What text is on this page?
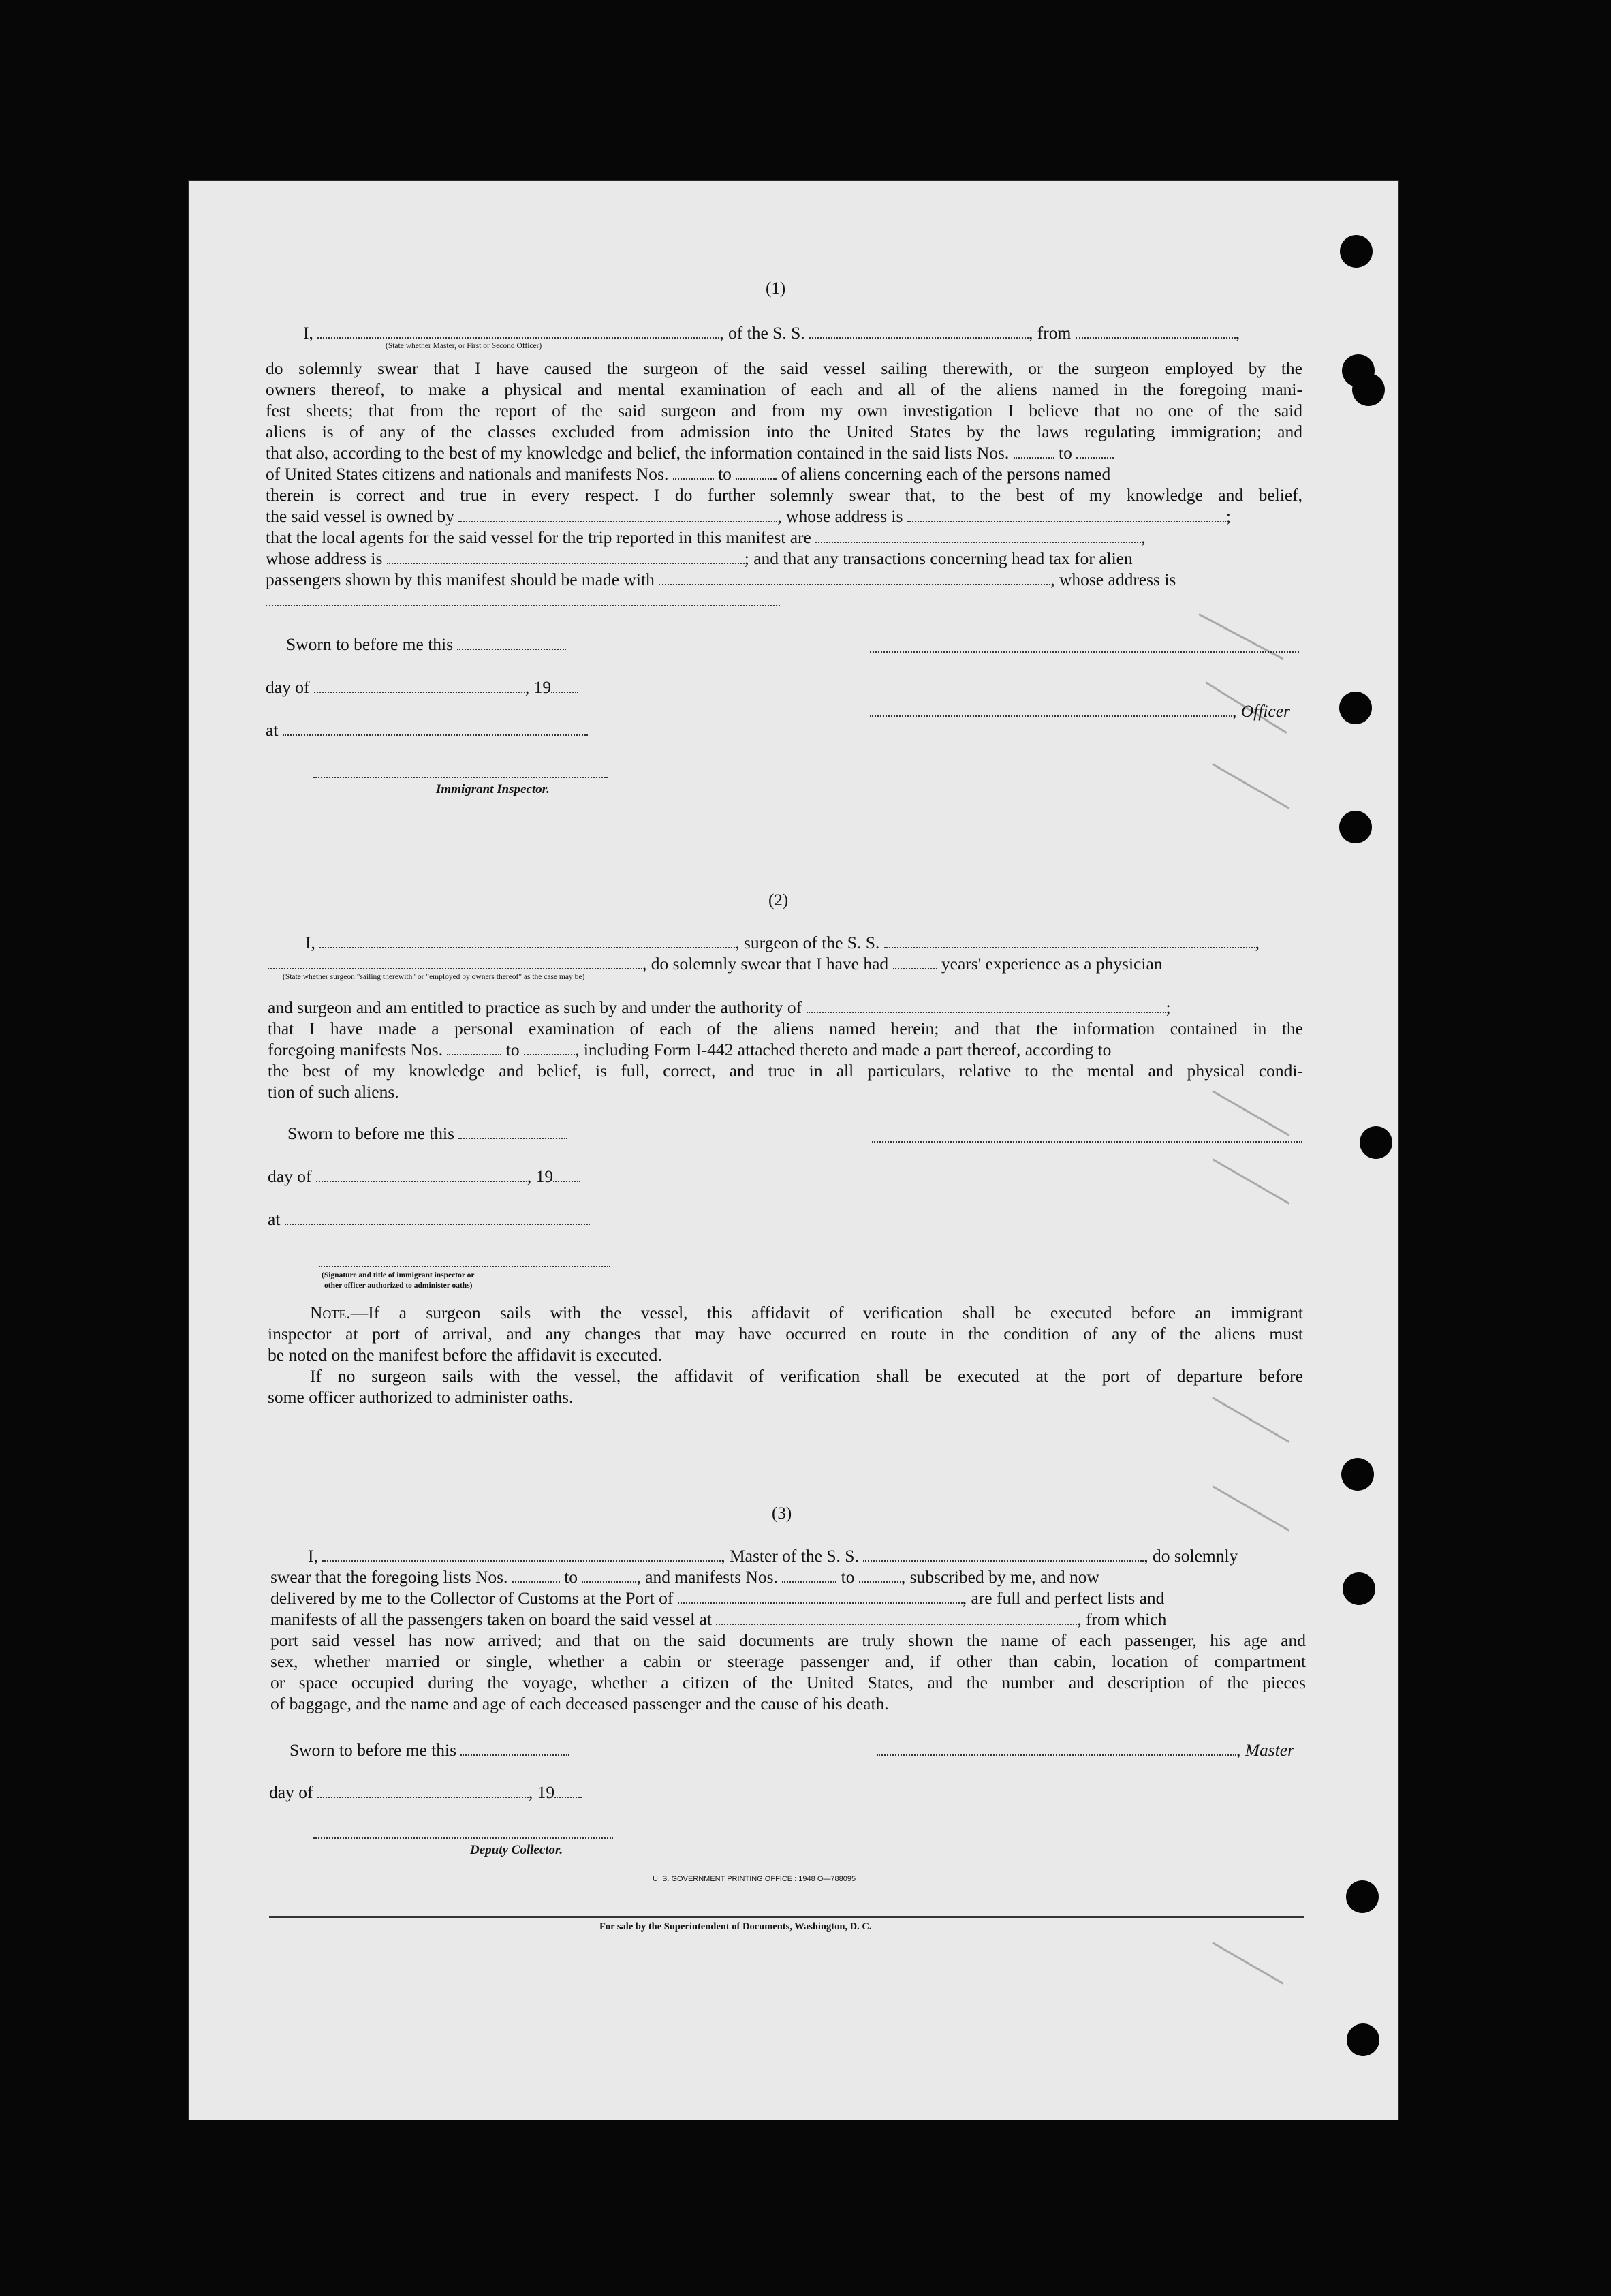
(1)
I,	, of the S. S.	, from	,
(State whether Master, or First or Second Officer)
do solemnly swear that I have caused the surgeon of the said vessel sailing therewith, or the surgeon employed by the
owners thereof, to make a physical and mental examination of each and all of the aliens named in the foregoing mani-
fest sheets; that from the report of the said surgeon and from my own investigation I believe that no one of the said
aliens is of any of the classes excluded from admission into the United States by the laws regulating immigration; and
that also, according to the best of my knowledge and belief, the information contained in the said lists Nos.	to
of United States citizens and nationals and manifests Nos.	to	of aliens concerning each of the persons named
therein is correct and true in every respect. I do further solemnly swear that, to the best of my knowledge and belief,
the said vessel is owned by	, whose address is	;
that the local agents for the said vessel for the trip reported in this manifest are	,
whose address is	; and that any transactions concerning head tax for alien
passengers shown by this manifest should be made with	, whose address is
Sworn to before me this
day of	, 19
, Officer
at
Immigrant Inspector.
(2)
I,	, surgeon of the S. S.	,
, do solemnly swear that I have had	years' experience as a physician
(State whether surgeon "sailing therewith" or "employed by owners thereof" as the case may be)
and surgeon and am entitled to practice as such by and under the authority of	;
that I have made a personal examination of each of the aliens named herein; and that the information contained in the
foregoing manifests Nos.	to	, including Form I-442 attached thereto and made a part thereof, according to
the best of my knowledge and belief, is full, correct, and true in all particulars, relative to the mental and physical condi-
tion of such aliens.
Sworn to before me this
day of	, 19
at
(Signature and title of immigrant inspector or
other officer authorized to administer oaths)
Note.—If a surgeon sails with the vessel, this affidavit of verification shall be executed before an immigrant
inspector at port of arrival, and any changes that may have occurred en route in the condition of any of the aliens must
be noted on the manifest before the affidavit is executed.
If no surgeon sails with the vessel, the affidavit of verification shall be executed at the port of departure before
some officer authorized to administer oaths.
(3)
I,	, Master of the S. S.	, do solemnly
swear that the foregoing lists Nos.	to	, and manifests Nos.	to	, subscribed by me, and now
delivered by me to the Collector of Customs at the Port of	, are full and perfect lists and
manifests of all the passengers taken on board the said vessel at	, from which
port said vessel has now arrived; and that on the said documents are truly shown the name of each passenger, his age and
sex, whether married or single, whether a cabin or steerage passenger and, if other than cabin, location of compartment
or space occupied during the voyage, whether a citizen of the United States, and the number and description of the pieces
of baggage, and the name and age of each deceased passenger and the cause of his death.
Sworn to before me this	, Master
day of	, 19
Deputy Collector.
U. S. GOVERNMENT PRINTING OFFICE : 1948 O—788095
For sale by the Superintendent of Documents, Washington, D. C.
